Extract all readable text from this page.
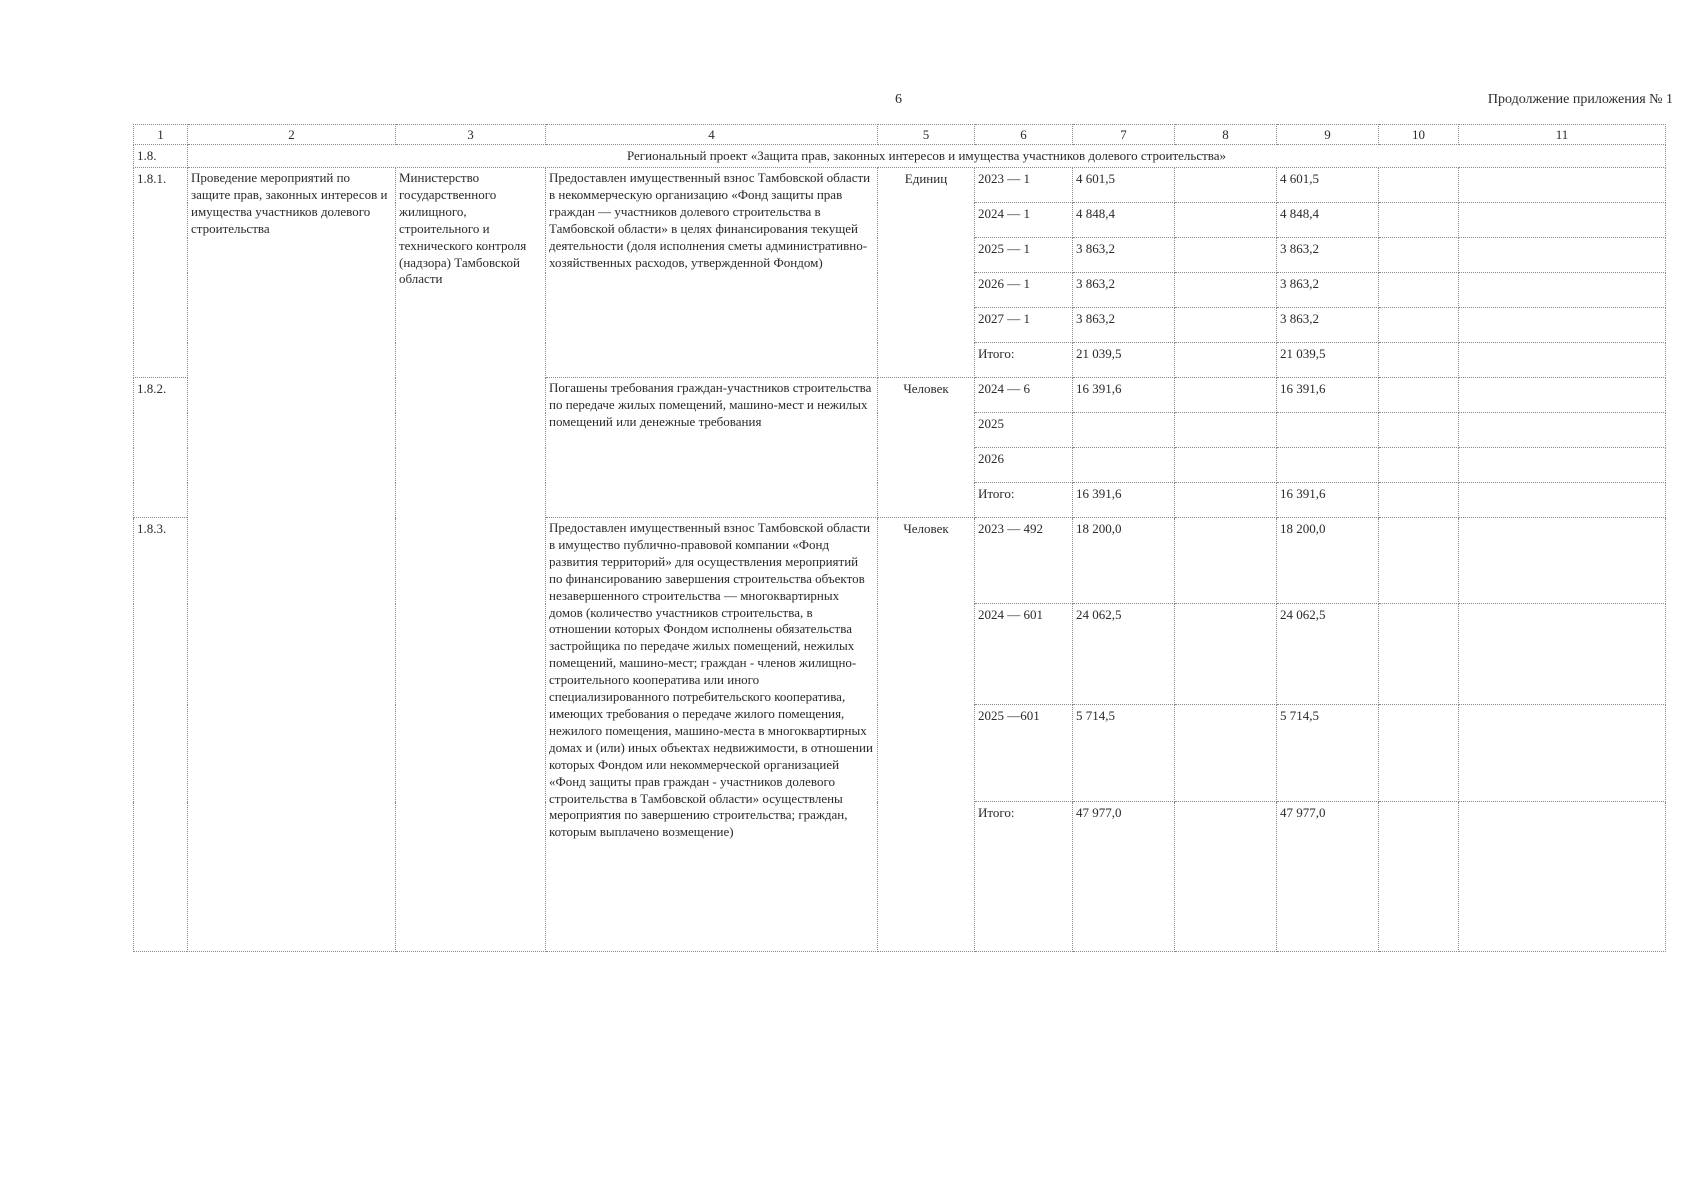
6	Продолжение приложения № 1
1	2	3	4	5	6	7	8	9	10	11
1.8.	Региональный проект «Защита прав, законных интересов и имущества участников долевого строительства»									
1.8.1.	Проведение мероприятий по защите прав, законных интересов и имущества участников долевого строительства	Министерство государственного жилищного, строительного и технического контроля (надзора) Тамбовской области	Предоставлен имущественный взнос Тамбовской области в некоммерческую организацию «Фонд защиты прав граждан — участников долевого строительства в Тамбовской области» в целях финансирования текущей деятельности (доля исполнения сметы административно-хозяйственных расходов, утвержденной Фондом)	Единиц	2023 — 1	4 601,5		4 601,5		
					2024 — 1	4 848,4		4 848,4		
					2025 — 1	3 863,2		3 863,2		
					2026 — 1	3 863,2		3 863,2		
					2027 — 1	3 863,2		3 863,2		
					Итого:	21 039,5		21 039,5		
1.8.2.			Погашены требования граждан-участников строительства по передаче жилых помещений, машино-мест и нежилых помещений или денежные требования	Человек	2024 — 6	16 391,6		16 391,6		
					2025					
					2026					
					Итого:	16 391,6		16 391,6		
1.8.3.			Предоставлен имущественный взнос Тамбовской области в имущество публично-правовой компании «Фонд развития территорий» для осуществления мероприятий по финансированию завершения строительства объектов незавершенного строительства — многоквартирных домов (количество участников строительства, в отношении которых Фондом исполнены обязательства застройщика по передаче жилых помещений, нежилых помещений, машино-мест; граждан - членов жилищно-строительного кооператива или иного специализированного потребительского кооператива, имеющих требования о передаче жилого помещения, нежилого помещения, машино-места в многоквартирных домах и (или) иных объектах недвижимости, в отношении которых Фондом или некоммерческой организацией «Фонд защиты прав граждан - участников долевого строительства в Тамбовской области» осуществлены мероприятия по завершению строительства; граждан, которым выплачено возмещение)	Человек	2023 — 492	18 200,0		18 200,0		
					2024 — 601	24 062,5		24 062,5		
					2025 —601	5 714,5		5 714,5		
					Итого:	47 977,0		47 977,0		
